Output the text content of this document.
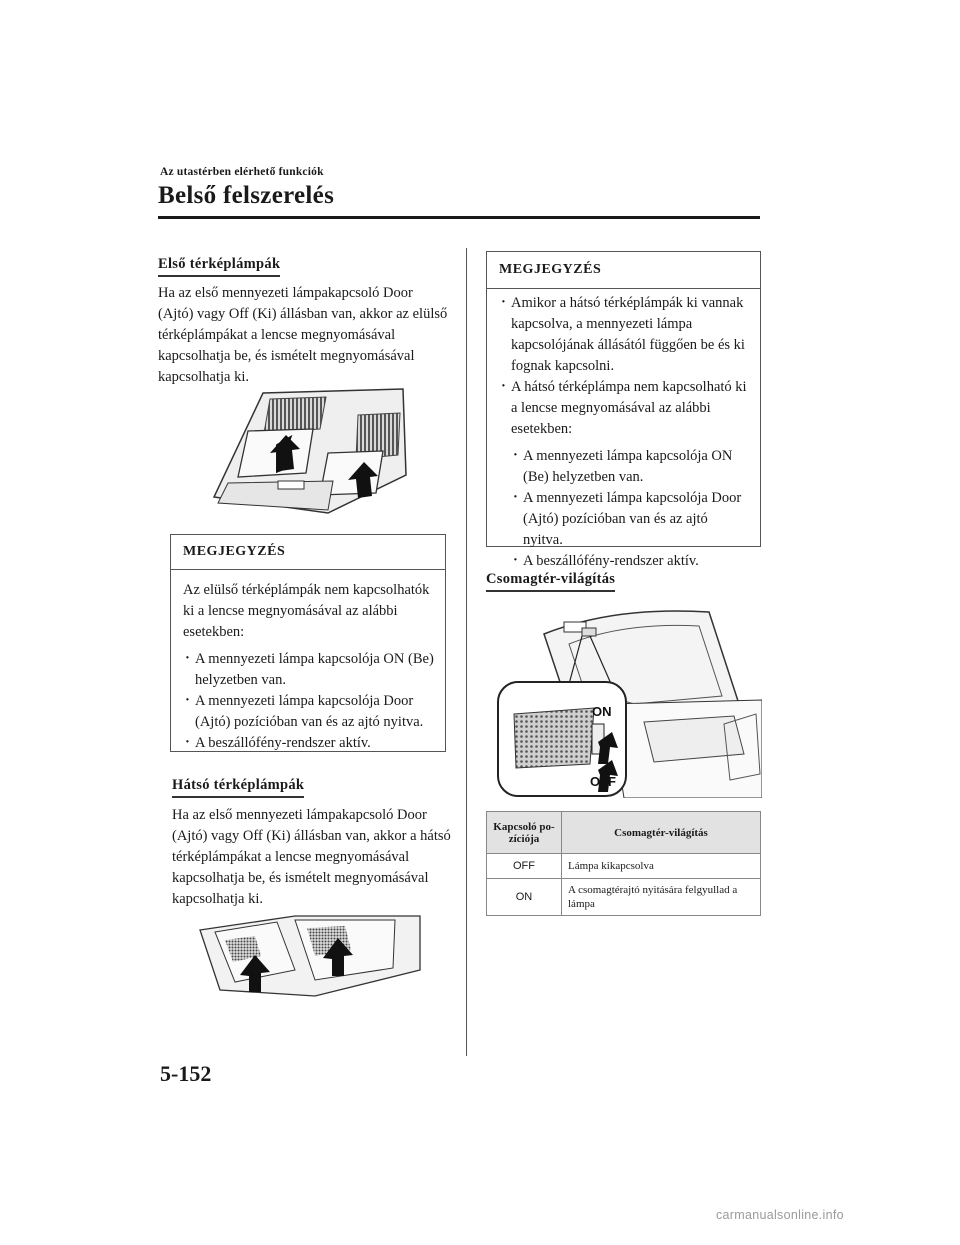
Az utastérben elérhető funkciók
Belső felszerelés
Első térképlámpák
Ha az első mennyezeti lámpakapcsoló Door (Ajtó) vagy Off (Ki) állásban van, akkor az elülső térképlámpákat a lencse megnyomásával kapcsolhatja be, és ismételt megnyomásával kapcsolhatja ki.
MEGJEGYZÉS
Az elülső térképlámpák nem kapcsolhatók ki a lencse megnyomásával az alábbi esetekben:
· A mennyezeti lámpa kapcsolója ON (Be) helyzetben van.
· A mennyezeti lámpa kapcsolója Door (Ajtó) pozícióban van és az ajtó nyitva.
· A beszállófény-rendszer aktív.
Hátsó térképlámpák
Ha az első mennyezeti lámpakapcsoló Door (Ajtó) vagy Off (Ki) állásban van, akkor a hátsó térképlámpákat a lencse megnyomásával kapcsolhatja be, és ismételt megnyomásával kapcsolhatja ki.
MEGJEGYZÉS
· Amikor a hátsó térképlámpák ki vannak kapcsolva, a mennyezeti lámpa kapcsolójának állásától függően be és ki fognak kapcsolni.
· A hátsó térképlámpa nem kapcsolható ki a lencse megnyomásával az alábbi esetekben:
· A mennyezeti lámpa kapcsolója ON (Be) helyzetben van.
· A mennyezeti lámpa kapcsolója Door (Ajtó) pozícióban van és az ajtó nyitva.
· A beszállófény-rendszer aktív.
Csomagtér-világítás
ON
OFF
Kapcsoló po-
zíciója	Csomagtér-világítás
OFF	Lámpa kikapcsolva
ON	A csomagtérajtó nyitására felgyullad a lámpa
5-152
carmanualsonline.info
